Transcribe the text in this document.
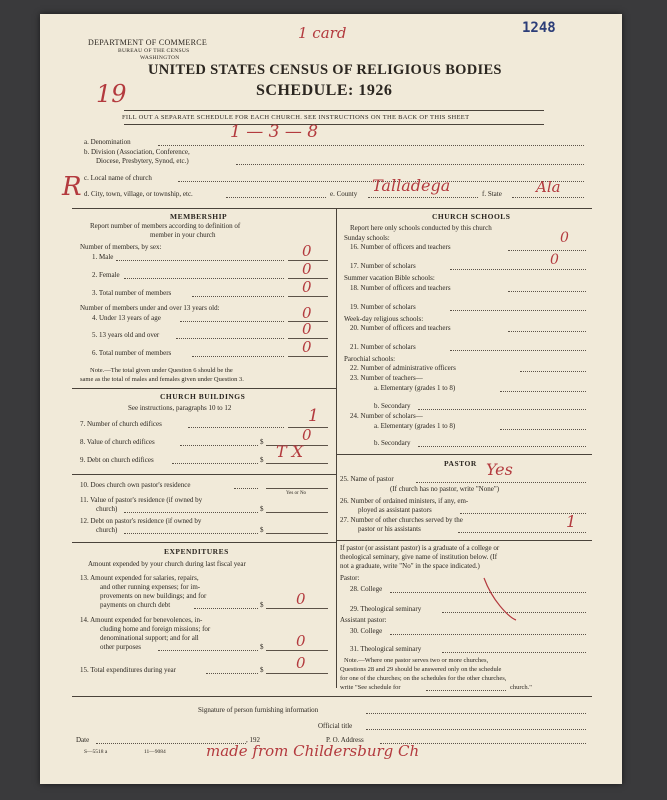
DEPARTMENT OF COMMERCE
BUREAU OF THE CENSUS
WASHINGTON
1 card	1248
UNITED STATES CENSUS OF RELIGIOUS BODIES
19	SCHEDULE: 1926
FILL OUT A SEPARATE SCHEDULE FOR EACH CHURCH. SEE INSTRUCTIONS ON THE BACK OF THIS SHEET
a. Denomination	1 — 3 — 8
b. Division (Association, Conference,
Diocese, Presbytery, Synod, etc.)
c. Local name of church
R d. City, town, village, or township, etc.	e. County Talladega	f. State Ala
MEMBERSHIP
Report number of members according to definition of
member in your church
Number of members, by sex:
1. Male	0
2. Female	0
3. Total number of members	0
Number of members under and over 13 years old:
4. Under 13 years of age	0
5. 13 years old and over	0
6. Total number of members	0
Note.—The total given under Question 6 should be the
same as the total of males and females given under Question 3.
CHURCH BUILDINGS
See instructions, paragraphs 10 to 12
7. Number of church edifices	1
8. Value of church edifices	$	0
9. Debt on church edifices	$ T X
10. Does church own pastor's residence
Yes or No
11. Value of pastor's residence (if owned by
church)	$
12. Debt on pastor's residence (if owned by
church)	$
EXPENDITURES
Amount expended by your church during last fiscal year
13. Amount expended for salaries, repairs,
and other running expenses; for im-
provements on new buildings; and for
payments on church debt	$ 0
14. Amount expended for benevolences, in-
cluding home and foreign missions; for
denominational support; and for all
other purposes	$ 0
15. Total expenditures during year	$ 0
CHURCH SCHOOLS
Report here only schools conducted by this church
Sunday schools:
16. Number of officers and teachers
0
17. Number of scholars	0
Summer vacation Bible schools:
18. Number of officers and teachers
19. Number of scholars
Week-day religious schools:
20. Number of officers and teachers
21. Number of scholars
Parochial schools:
22. Number of administrative officers
23. Number of teachers—
a. Elementary (grades 1 to 8)
b. Secondary
24. Number of scholars—
a. Elementary (grades 1 to 8)
b. Secondary
PASTOR
25. Name of pastor	Yes
(If church has no pastor, write "None")
26. Number of ordained ministers, if any, em-
ployed as assistant pastors
27. Number of other churches served by the
pastor or his assistants	1
If pastor (or assistant pastor) is a graduate of a college or
theological seminary, give name of institution below. (If
not a graduate, write "No" in the space indicated.)
Pastor:
28. College
29. Theological seminary
Assistant pastor:
30. College
31. Theological seminary
Note.—Where one pastor serves two or more churches,
Questions 28 and 29 should be answered only on the schedule
for one of the churches; on the schedules for the other churches,
write "See schedule for	church."
Signature of person furnishing information
Official title
Date	, 192	P. O. Address
S—5518 a	11—9084	made from Childersburg Ch
